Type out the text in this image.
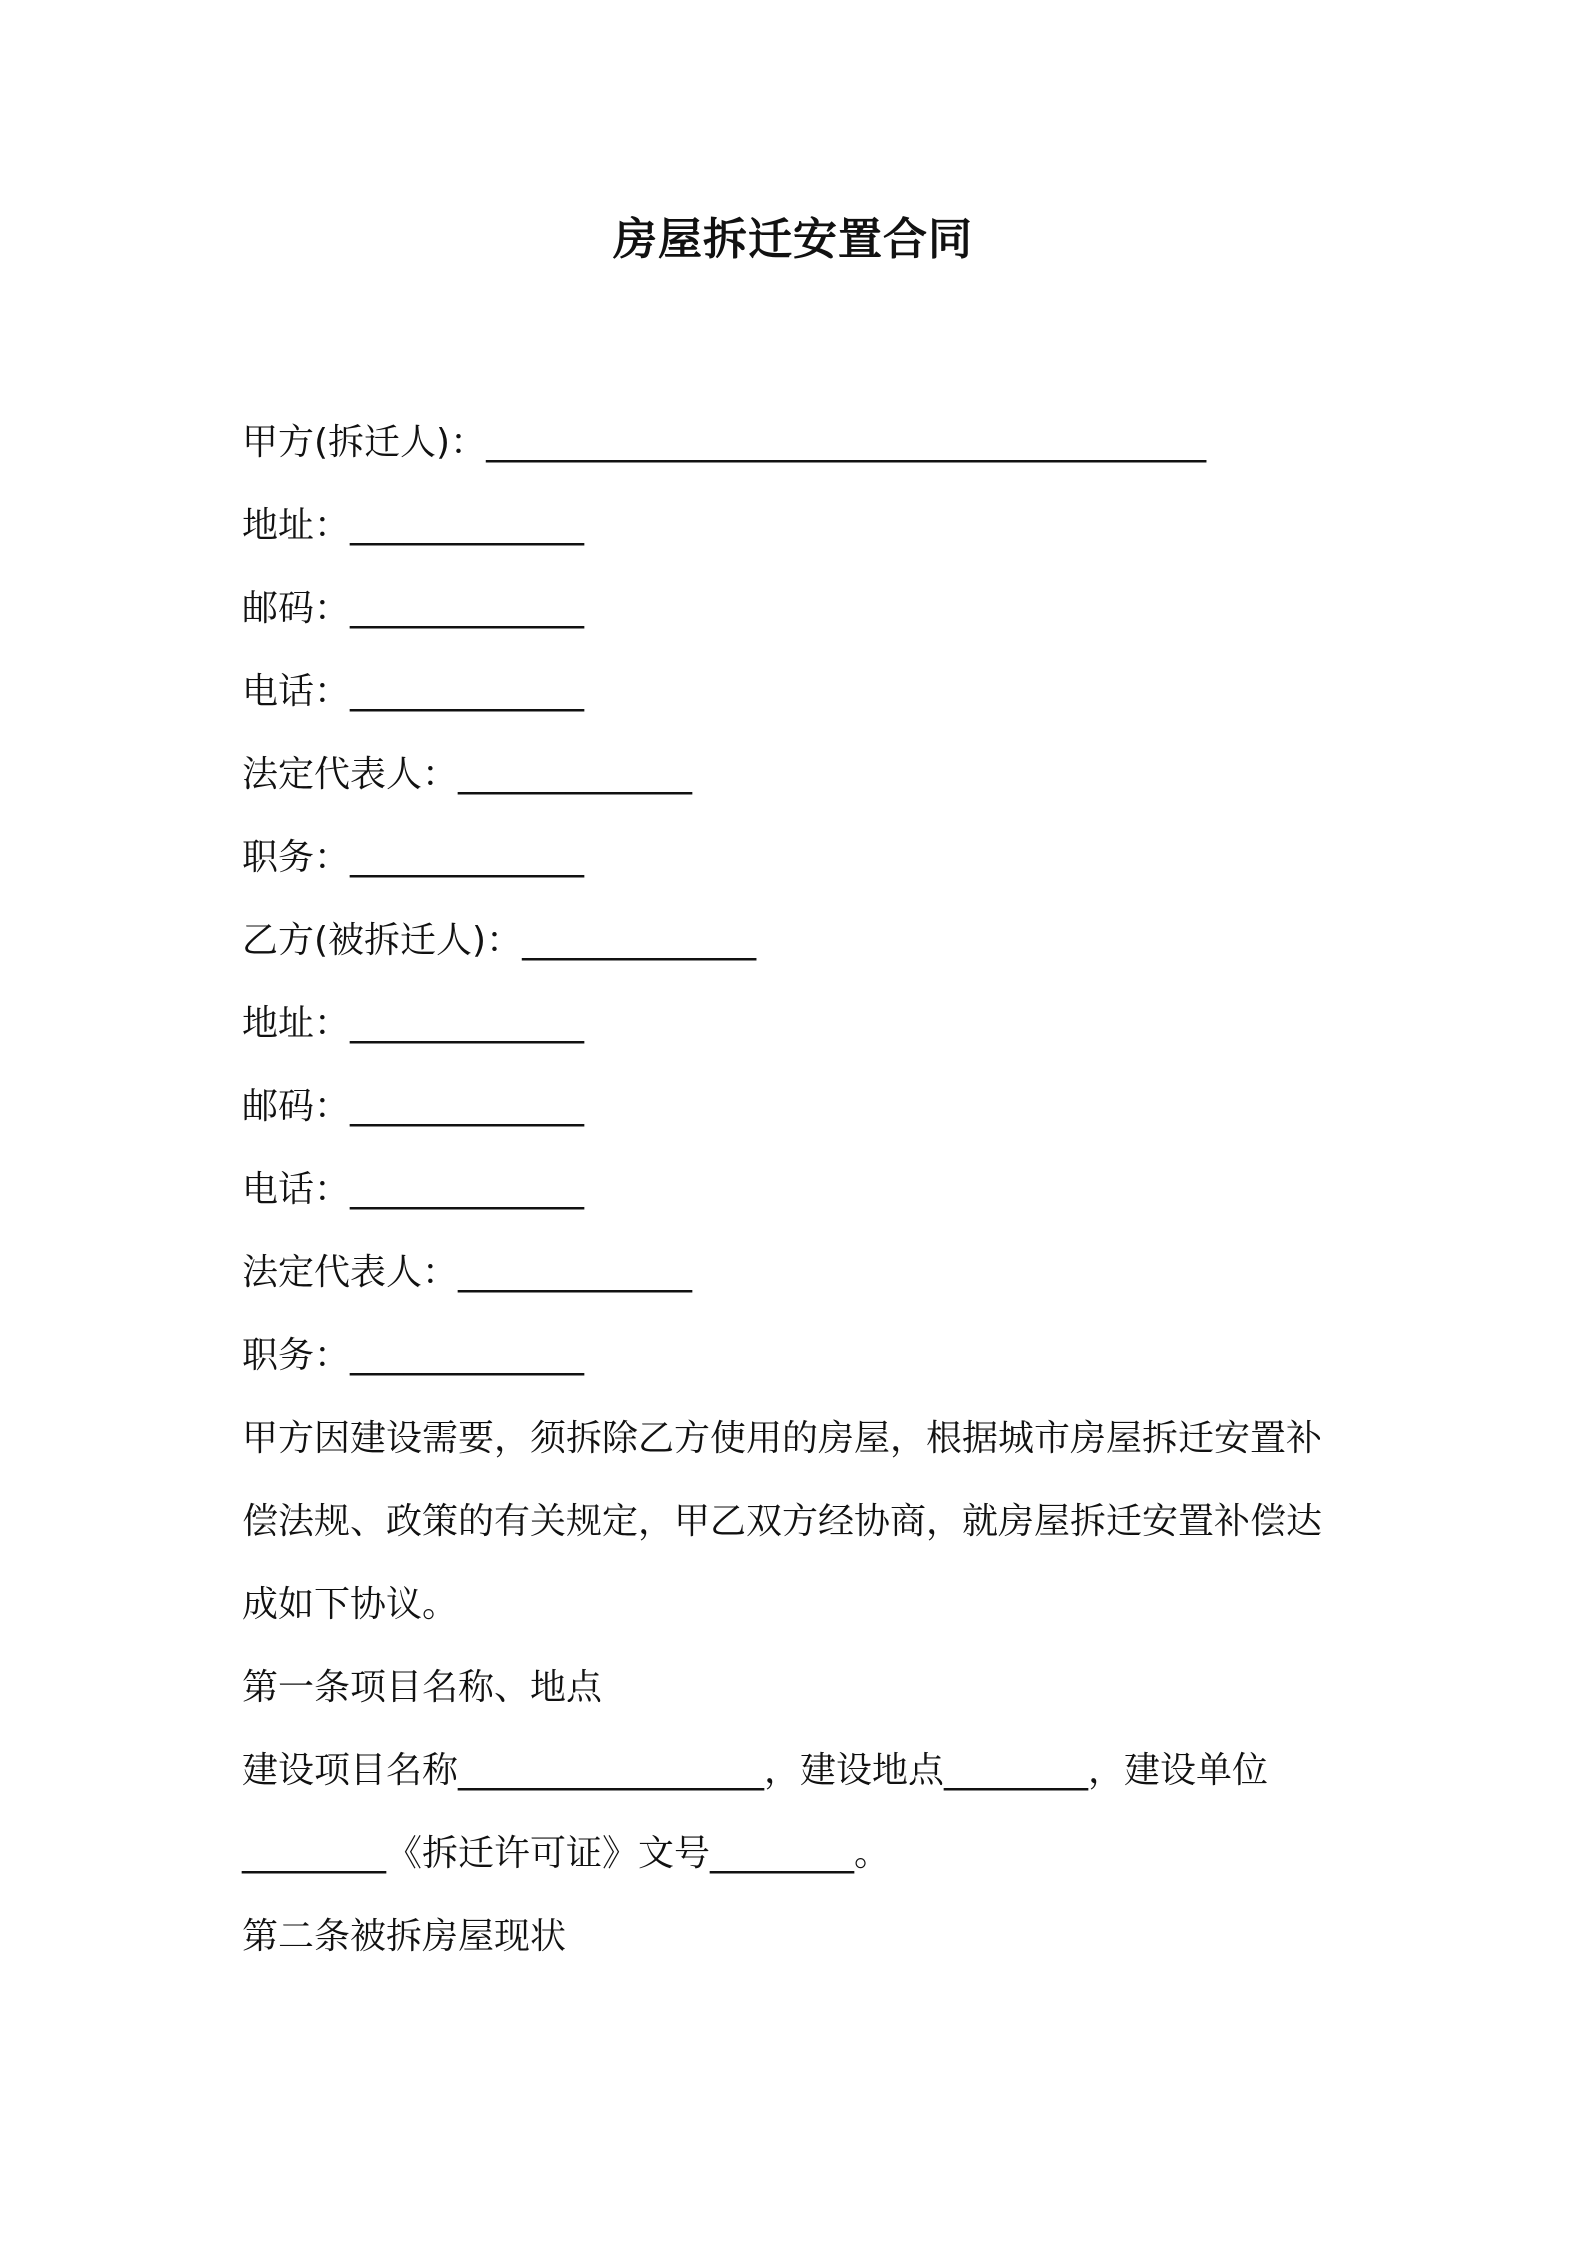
房屋拆迁安置合同
甲方(拆迁人)：________________________________________
地址：_____________
邮码：_____________
电话：_____________
法定代表人：_____________
职务：_____________
乙方(被拆迁人)：_____________
地址：_____________
邮码：_____________
电话：_____________
法定代表人：_____________
职务：_____________
甲方因建设需要，须拆除乙方使用的房屋，根据城市房屋拆迁安置补
偿法规、政策的有关规定，甲乙双方经协商，就房屋拆迁安置补偿达
成如下协议。
第一条项目名称、地点
建设项目名称_________________，建设地点________，建设单位
________《拆迁许可证》文号________。
第二条被拆房屋现状
